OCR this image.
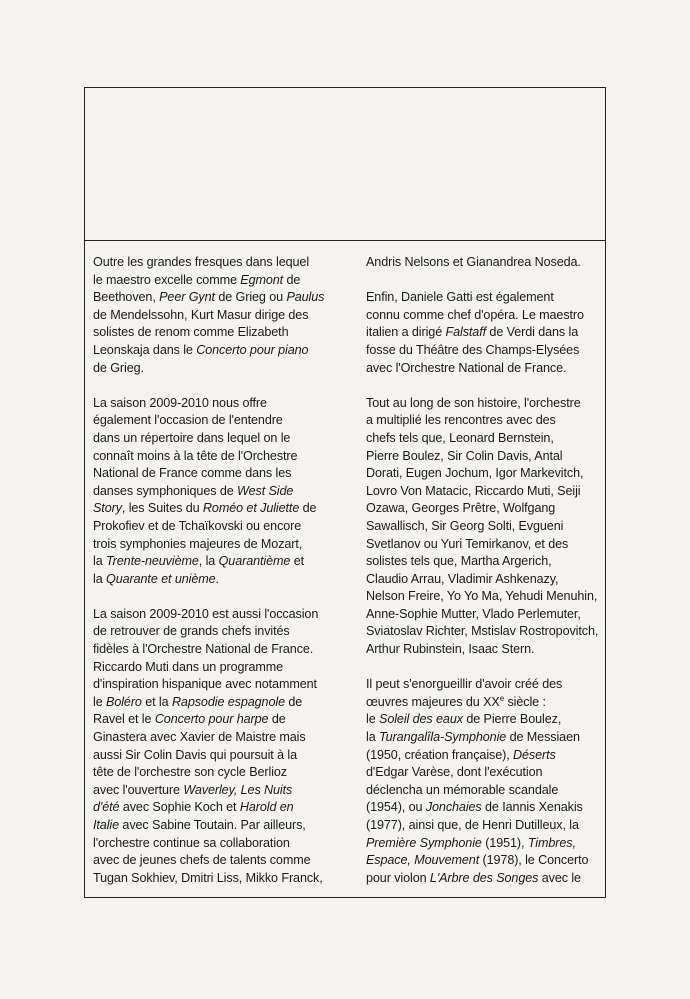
Outre les grandes fresques dans lequel
le maestro excelle comme Egmont de
Beethoven, Peer Gynt de Grieg ou Paulus
de Mendelssohn, Kurt Masur dirige des
solistes de renom comme Elizabeth
Leonskaja dans le Concerto pour piano
de Grieg.

La saison 2009-2010 nous offre
également l'occasion de l'entendre
dans un répertoire dans lequel on le
connaît moins à la tête de l'Orchestre
National de France comme dans les
danses symphoniques de West Side
Story, les Suites du Roméo et Juliette de
Prokofiev et de Tchaïkovski ou encore
trois symphonies majeures de Mozart,
la Trente-neuvième, la Quarantième et
la Quarante et unième.

La saison 2009-2010 est aussi l'occasion
de retrouver de grands chefs invités
fidèles à l'Orchestre National de France.
Riccardo Muti dans un programme
d'inspiration hispanique avec notamment
le Boléro et la Rapsodie espagnole de
Ravel et le Concerto pour harpe de
Ginastera avec Xavier de Maistre mais
aussi Sir Colin Davis qui poursuit à la
tête de l'orchestre son cycle Berlioz
avec l'ouverture Waverley, Les Nuits
d'été avec Sophie Koch et Harold en
Italie avec Sabine Toutain. Par ailleurs,
l'orchestre continue sa collaboration
avec de jeunes chefs de talents comme
Tugan Sokhiev, Dmitri Liss, Mikko Franck,

Andris Nelsons et Gianandrea Noseda.

Enfin, Daniele Gatti est également
connu comme chef d'opéra. Le maestro
italien a dirigé Falstaff de Verdi dans la
fosse du Théâtre des Champs-Elysées
avec l'Orchestre National de France.

Tout au long de son histoire, l'orchestre
a multiplié les rencontres avec des
chefs tels que, Leonard Bernstein,
Pierre Boulez, Sir Colin Davis, Antal
Dorati, Eugen Jochum, Igor Markevitch,
Lovro Von Matacic, Riccardo Muti, Seiji
Ozawa, Georges Prêtre, Wolfgang
Sawallisch, Sir Georg Solti, Evgueni
Svetlanov ou Yuri Temirkanov, et des
solistes tels que, Martha Argerich,
Claudio Arrau, Vladimir Ashkenazy,
Nelson Freire, Yo Yo Ma, Yehudi Menuhin,
Anne-Sophie Mutter, Vlado Perlemuter,
Sviatoslav Richter, Mstislav Rostropovitch,
Arthur Rubinstein, Isaac Stern.

Il peut s'enorgueillir d'avoir créé des
œuvres majeures du XXe siècle :
le Soleil des eaux de Pierre Boulez,
la Turangalîla-Symphonie de Messiaen
(1950, création française), Déserts
d'Edgar Varèse, dont l'exécution
déclencha un mémorable scandale
(1954), ou Jonchaies de Iannis Xenakis
(1977), ainsi que, de Henri Dutilleux, la
Première Symphonie (1951), Timbres,
Espace, Mouvement (1978), le Concerto
pour violon L'Arbre des Songes avec le
